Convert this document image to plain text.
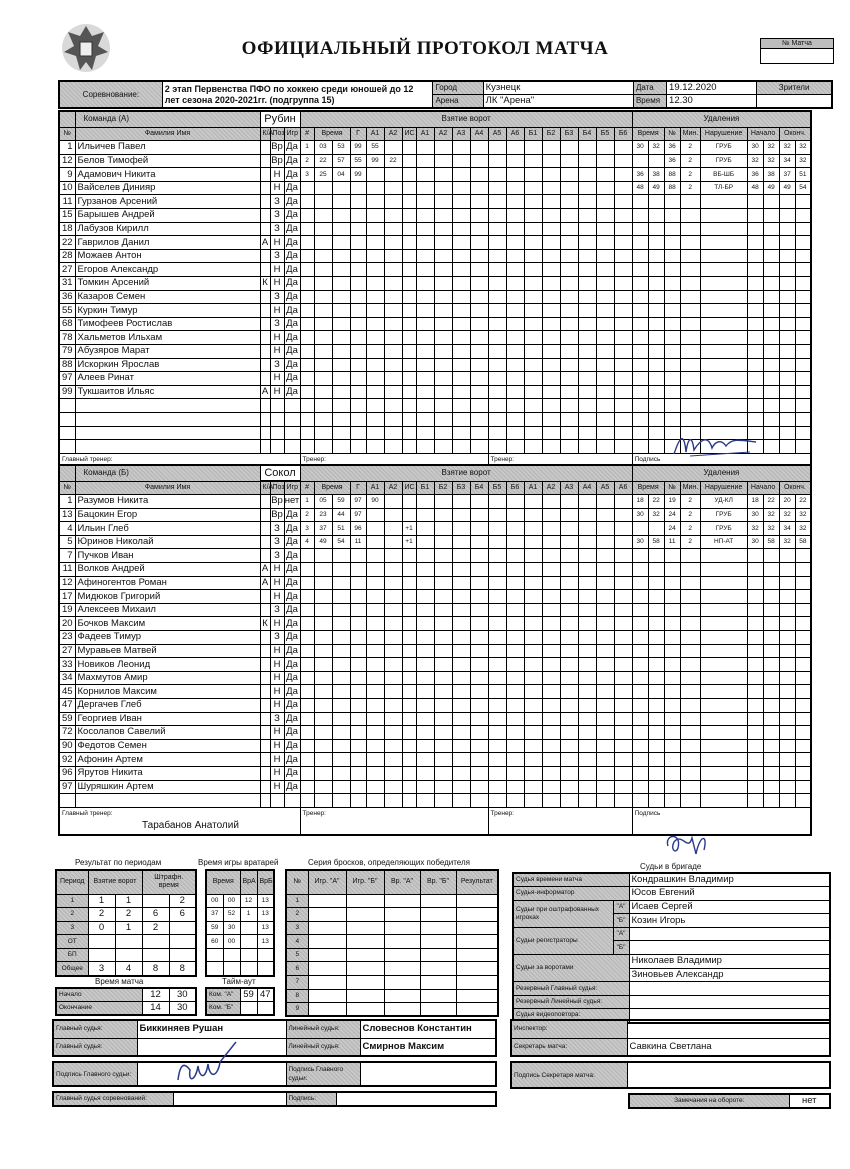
ОФИЦИАЛЬНЫЙ ПРОТОКОЛ МАТЧА	№ Матча
Соревнование:	2 этап Первенства ПФО по хоккею среди юношей до 12 лет сезона 2020-2021гг. (подгруппа 15)	Город	Кузнецк	Дата	19.12.2020	Зрители
		Арена	ЛК "Арена"	Время	12.30	
	Команда (А)	Рубин			Взятие ворот																			Удаления								
№	Фамилия Имя	К/А	Поз	Игр	#	Время		Г	А1	А2	ИС	А1	А2	А3	А4	А5	А6	Б1	Б2	Б3	Б4	Б5	Б6	Время		№	Мин.	Нарушение	Начало		Оконч.	
1	Ильичев Павел		Вр	Да	1	03	53	99	55															30	32	36	2	ГРУБ	30	32	32	32
12	Белов Тимофей		Вр	Да	2	22	57	55	99	22																36	2	ГРУБ	32	32	34	32
9	Адамович Никита		Н	Да	3	25	04	99																36	38	88	2	ВБ-ШБ	36	38	37	51
10	Вайселев Динияр		Н	Да																				48	49	88	2	ТЛ-БР	48	49	49	54
11	Гурзанов Арсений		З	Да																												
15	Барышев Андрей		З	Да																												
18	Лабузов Кирилл		З	Да																												
22	Гаврилов Данил	А	Н	Да																												
28	Можаев Антон		З	Да																												
27	Егоров Александр		Н	Да																												
31	Томкин Арсений	К	Н	Да																												
36	Казаров Семен		З	Да																												
55	Куркин Тимур		Н	Да																												
68	Тимофеев Ростислав		З	Да																												
78	Хальметов Ильхам		Н	Да																												
79	Абузяров Марат		Н	Да																												
88	Искоркин Ярослав		З	Да																												
97	Алеев Ринат		Н	Да																												
99	Тукшаитов Ильяс	А	Н	Да																												

Главный тренер:					Тренер:											Тренер:								Подпись								
	Команда (Б)	Сокол			Взятие ворот																			Удаления								
№	Фамилия Имя	К/А	Поз	Игр	#	Время		Г	А1	А2	ИС	Б1	Б2	Б3	Б4	Б5	Б6	А1	А2	А3	А4	А5	А6	Время		№	Мин.	Нарушение	Начало		Оконч.	
1	Разумов Никита		Вр	нет	1	05	59	97	90															18	22	19	2	УД-КЛ	18	22	20	22
13	Бацокин Егор		Вр	Да	2	23	44	97																30	32	24	2	ГРУБ	30	32	32	32
4	Ильин Глеб		З	Да	3	37	51	96			+1															24	2	ГРУБ	32	32	34	32
5	Юринов Николай		З	Да	4	49	54	11			+1													30	58	11	2	НП-АТ	30	58	32	58
7	Пучков Иван		З	Да																												
11	Волков Андрей	А	Н	Да																												
12	Афиногентов Роман	А	Н	Да																												
17	Мидюков Григорий		Н	Да																												
19	Алексеев Михаил		З	Да																												
20	Бочков Максим	К	Н	Да																												
23	Фадеев Тимур		З	Да																												
27	Муравьев Матвей		Н	Да																												
33	Новиков Леонид		Н	Да																												
34	Махмутов Амир		Н	Да																												
45	Корнилов Максим		Н	Да																												
47	Дергачев Глеб		Н	Да																												
59	Георгиев Иван		З	Да																												
72	Косолапов Савелий		Н	Да																												
90	Федотов Семен		Н	Да																												
92	Афонин Артем		Н	Да																												
96	Ярутов Никита		Н	Да																												
97	Шуряшкин Артем		Н	Да																												

Главный тренер:
Тарабанов Анатолий					Тренер:											Тренер:								Подпись								
Результат по периодам
Период	Взятие ворот		Штрафн. время	
1	1	1		2
2	2	2	6	6
3	0	1	2	
ОТ				
БП				
Общее	3	4	8	8
Время игры вратарей
Время		ВрА	ВрБ
00	00	12	13
37	52	1	13
59	30		13
60	00		13

Серия бросков, определяющих победителя
№	Игр. "А"	Игр. "Б"	Вр. "А"	Вр. "Б"	Результат
1					
2					
3					
4					
5					
6					
7					
8					
9					
Время матча
Начало	12	30
Окончание	14	30
Тайм-аут
Ком. "А"	59	47
Ком. "Б"		
Судьи в бригаде
Судья времени матча		Кондрашкин Владимир
Судья-информатор		Юсов Евгений
Судьи при оштрафованных игроках	"А"	Исаев Сергей
	"Б"	Козин Игорь
Судьи регистраторы	"А"	
	"Б"	
Судьи за воротами		Николаев Владимир
		Зиновьев Александр
Резервный Главный судья:		
Резервный Линейный судья:		
Судья видеоповтора:		
Главный судья:	Биккиняев Рушан	Линейный судья:	Словеснов Константин
Главный судья:		Линейный судья:	Смирнов Максим
Подпись Главного судьи:		Подпись Главного судьи:	
Главный судья соревнований:		Подпись:	
Инспектор:	
Секретарь матча:	Савкина Светлана
Подпись Секретаря матча:	
Замечания на обороте:	нет
